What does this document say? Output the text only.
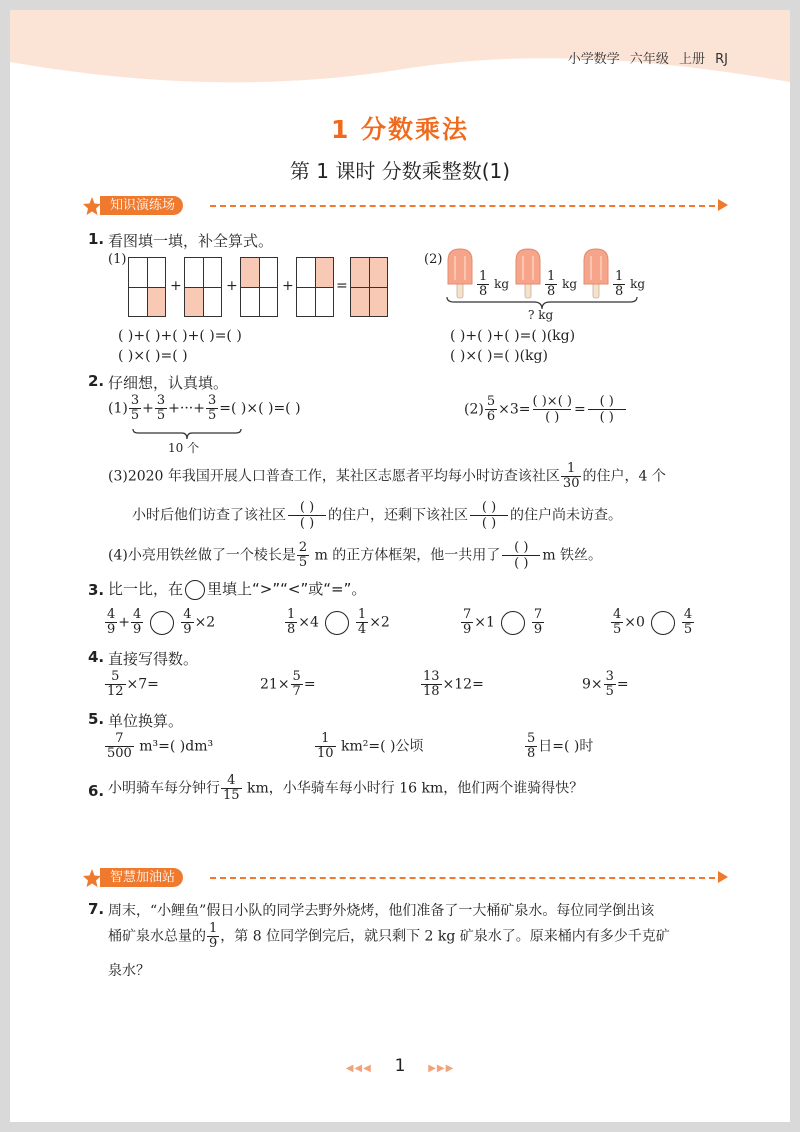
小学数学 六年级 上册 RJ
1 分数乘法
第 1 课时 分数乘整数(1)
知识演练场
1. 看图填一填，补全算式。
(1)
+	+	+	=
( )+( )+( )+( )=( )
( )×( )=( )
(2)
$\frac{1}{8}$ kg	$\frac{1}{8}$ kg	$\frac{1}{8}$ kg
? kg
( )+( )+( )=( )(kg)
( )×( )=( )(kg)
2. 仔细想，认真填。
$(1) \frac{3}{5} + \frac{3}{5}$ +···+ $\frac{3}{5}$ =( )×( )=( )
10 个
$(2) \frac{5}{6} \times 3=$ ( )×( )
( )	=	( )
( )
(3)2020 年我国开展人口普查工作，某社区志愿者平均每小时访查该社区 $\frac{1}{30}$ 的住户，4 个
小时后他们访查了该社区	( )
( ) 的住户，还剩下该社区	( )
( ) 的住户尚未访查。
(4)小亮用铁丝做了一个棱长是 $\frac{2}{5}$ m 的正方体框架，他一共用了	( )
( ) m 铁丝。
3. 比一比，在 里填上“>”“<”或“=”。
$\frac{4}{9} + \frac{4}{9}$	$\frac{4}{9} \times 2$	$\frac{1}{8} \times 4$	$\frac{1}{4} \times 2$	$\frac{7}{9} \times 1$	$\frac{7}{9}$	$\frac{4}{5} \times 0$	$\frac{4}{5}$
4. 直接写得数。
$\frac{5}{12} \times 7=$	$21\times \frac{5}{7}$ =	$\frac{13}{18} \times 12=$	$9\times \frac{3}{5}$ =
5. 单位换算。
$\frac{7}{500} m^3=$( )dm³	$\frac{1}{10} km^2=$( )公顷	$\frac{5}{8}$ 日=( )时
6. 小明骑车每分钟行 $\frac{4}{15}$ km，小华骑车每小时行 16 km，他们两个谁骑得快？
智慧加油站
7. 周末，“小鲤鱼”假日小队的同学去野外烧烤，他们准备了一大桶矿泉水。每位同学倒出该
桶矿泉水总量的 $\frac{1}{9}$ ，第 8 位同学倒完后，就只剩下 2 kg 矿泉水了。原来桶内有多少千克矿
泉水？
◀◀◀ 1 ▶▶▶
